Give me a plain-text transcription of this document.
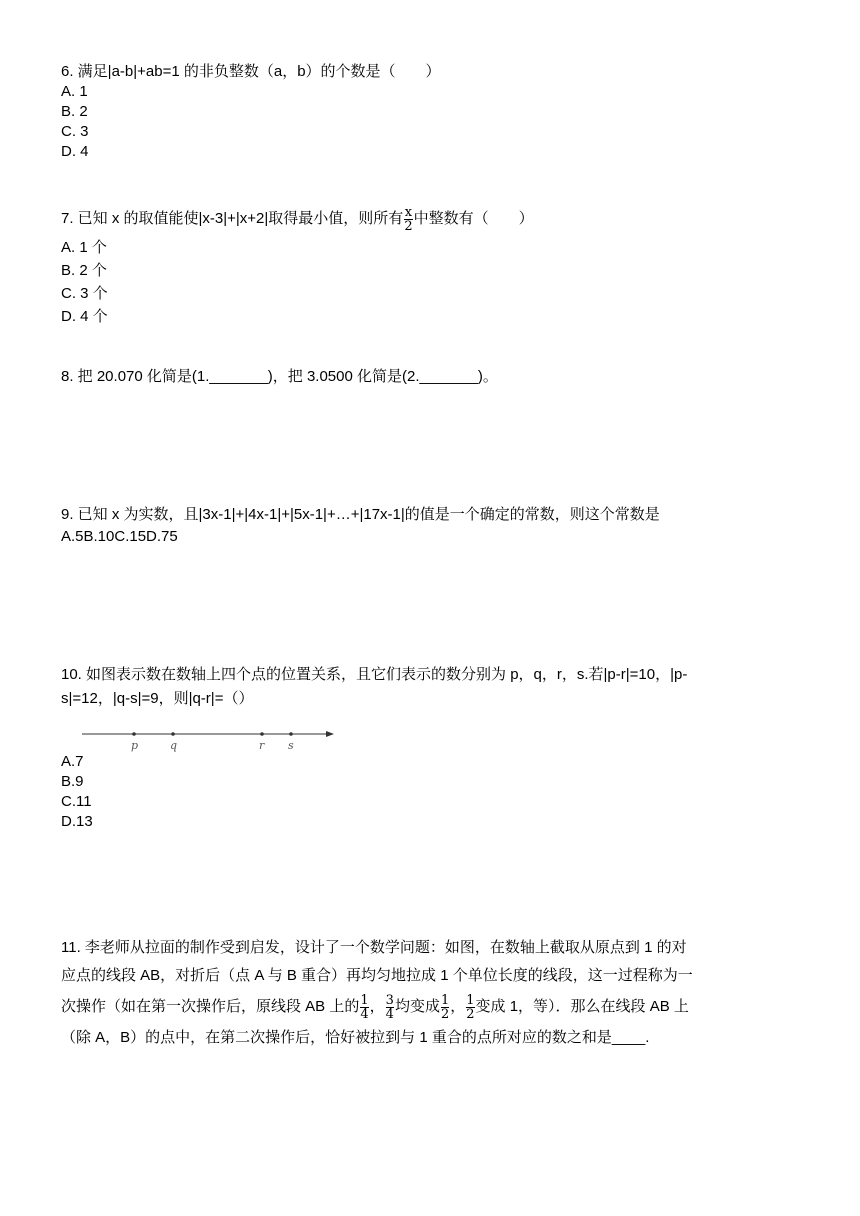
6. 满足|a-b|+ab=1 的非负整数（a，b）的个数是（　　）
A. 1
B. 2
C. 3
D. 4
7. 已知 x 的取值能使|x-3|+|x+2|取得最小值，则所有 $\frac{x}{2}$ 中整数有（　　）
A. 1 个
B. 2 个
C. 3 个
D. 4 个
8. 把 20.070 化简是(1._______)，把 3.0500 化简是(2._______)。
9. 已知 x 为实数，且|3x-1|+|4x-1|+|5x-1|+…+|17x-1|的值是一个确定的常数，则这个常数是
A.5B.10C.15D.75
10. 如图表示数在数轴上四个点的位置关系，且它们表示的数分别为 p，q，r，s.若|p-r|=10，|p-
s|=12，|q-s|=9，则|q-r|=（）
p	q	r s
A.7
B.9
C.11
D.13
11. 李老师从拉面的制作受到启发，设计了一个数学问题：如图，在数轴上截取从原点到 1 的对
应点的线段 AB，对折后（点 A 与 B 重合）再均匀地拉成 1 个单位长度的线段，这一过程称为一
次操作（如在第一次操作后，原线段 AB 上的 $\frac{1}{4}$ ， $\frac{3}{4}$ 均变成 $\frac{1}{2}$ ， $\frac{1}{2}$ 变成 1，等）．那么在线段 AB 上
（除 A，B）的点中，在第二次操作后，恰好被拉到与 1 重合的点所对应的数之和是____.
